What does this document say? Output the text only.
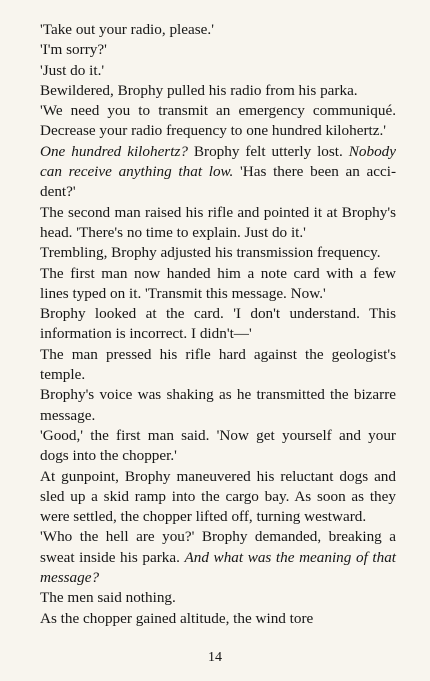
'Take out your radio, please.'

'I'm sorry?'

'Just do it.'

Bewildered, Brophy pulled his radio from his parka.

'We need you to transmit an emergency communiqué. Decrease your radio frequency to one hundred kilohertz.'

One hundred kilohertz? Brophy felt utterly lost. Nobody can receive anything that low. 'Has there been an accident?'

The second man raised his rifle and pointed it at Brophy's head. 'There's no time to explain. Just do it.'

Trembling, Brophy adjusted his transmission frequency.

The first man now handed him a note card with a few lines typed on it. 'Transmit this message. Now.'

Brophy looked at the card. 'I don't understand. This information is incorrect. I didn't—'

The man pressed his rifle hard against the geologist's temple.

Brophy's voice was shaking as he transmitted the bizarre message.

'Good,' the first man said. 'Now get yourself and your dogs into the chopper.'

At gunpoint, Brophy maneuvered his reluctant dogs and sled up a skid ramp into the cargo bay. As soon as they were settled, the chopper lifted off, turning westward.

'Who the hell are you?' Brophy demanded, breaking a sweat inside his parka. And what was the meaning of that message?

The men said nothing.

As the chopper gained altitude, the wind tore

14
